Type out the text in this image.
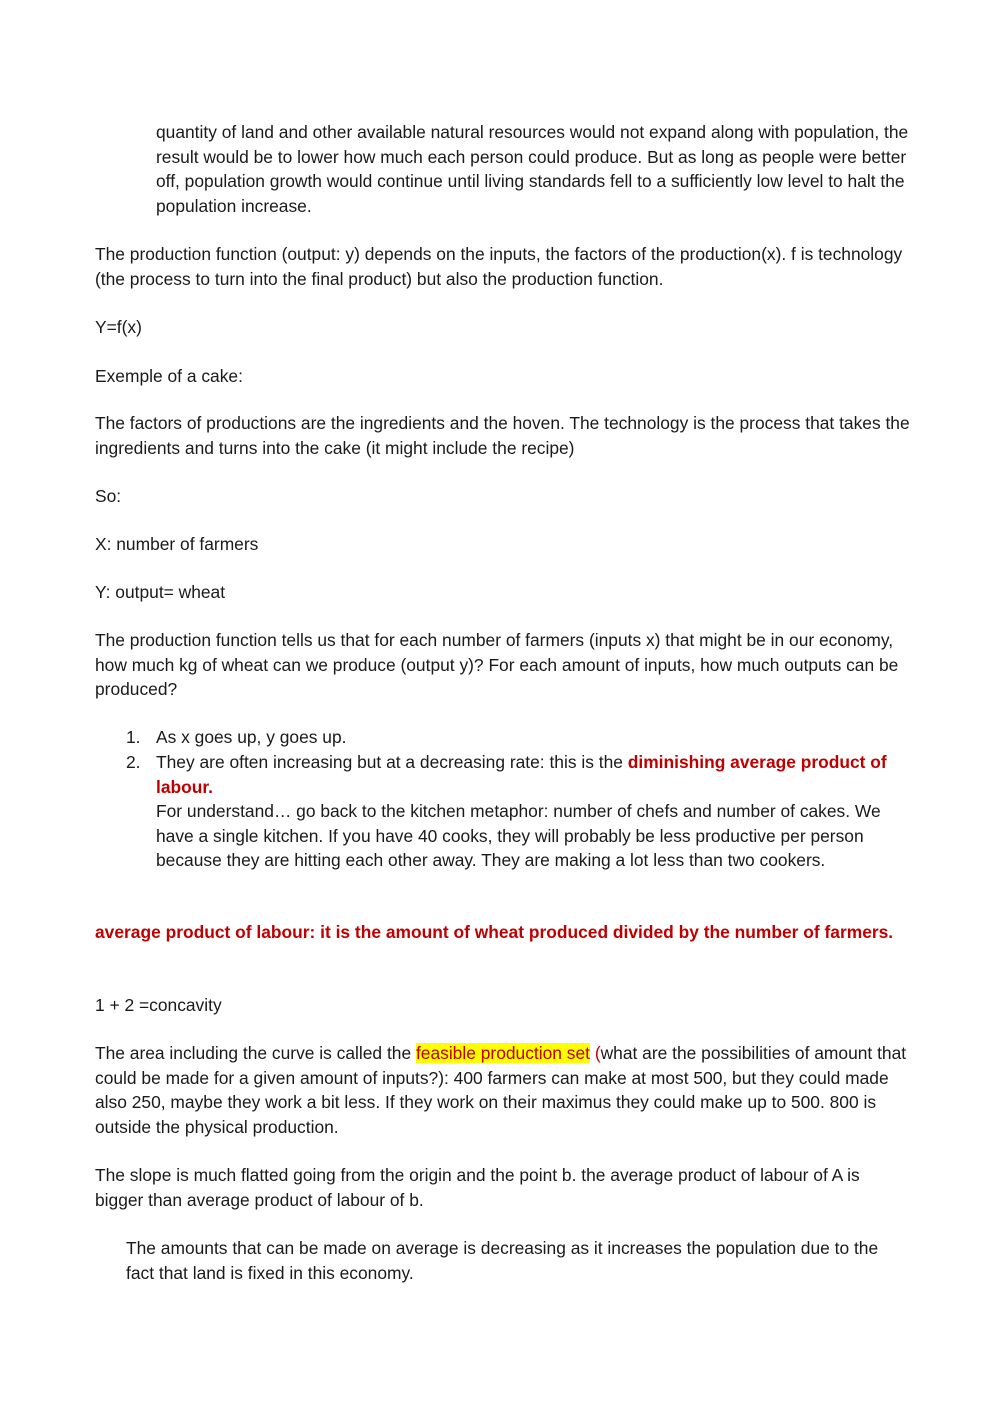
quantity of land and other available natural resources would not expand along with population, the result would be to lower how much each person could produce. But as long as people were better off, population growth would continue until living standards fell to a sufficiently low level to halt the population increase.

The production function (output: y) depends on the inputs, the factors of the production(x). f is technology (the process to turn into the final product) but also the production function.

Y=f(x)

Exemple of a cake:

The factors of productions are the ingredients and the hoven. The technology is the process that takes the ingredients and turns into the cake (it might include the recipe)

So:

X: number of farmers

Y: output= wheat

The production function tells us that for each number of farmers (inputs x) that might be in our economy, how much kg of wheat can we produce (output y)? For each amount of inputs, how much outputs can be produced?

1. As x goes up, y goes up.
2. They are often increasing but at a decreasing rate: this is the diminishing average product of labour.
For understand… go back to the kitchen metaphor: number of chefs and number of cakes. We have a single kitchen. If you have 40 cooks, they will probably be less productive per person because they are hitting each other away. They are making a lot less than two cookers.

average product of labour: it is the amount of wheat produced divided by the number of farmers.

1 + 2 =concavity

The area including the curve is called the feasible production set (what are the possibilities of amount that could be made for a given amount of inputs?): 400 farmers can make at most 500, but they could made also 250, maybe they work a bit less. If they work on their maximus they could make up to 500. 800 is outside the physical production.

The slope is much flatted going from the origin and the point b. the average product of labour of A is bigger than average product of labour of b.

The amounts that can be made on average is decreasing as it increases the population due to the fact that land is fixed in this economy.
